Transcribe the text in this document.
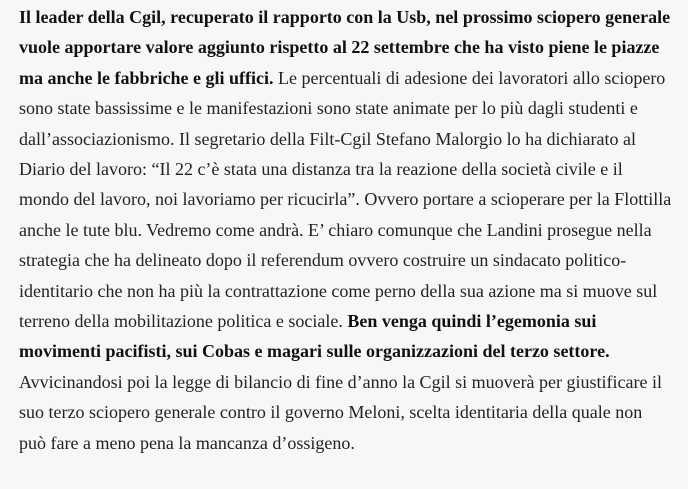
Il leader della Cgil, recuperato il rapporto con la Usb, nel prossimo sciopero generale vuole apportare valore aggiunto rispetto al 22 settembre che ha visto piene le piazze ma anche le fabbriche e gli uffici. Le percentuali di adesione dei lavoratori allo sciopero sono state bassissime e le manifestazioni sono state animate per lo più dagli studenti e dall’associazionismo. Il segretario della Filt-Cgil Stefano Malorgio lo ha dichiarato al Diario del lavoro: “Il 22 c’è stata una distanza tra la reazione della società civile e il mondo del lavoro, noi lavoriamo per ricucirla”. Ovvero portare a scioperare per la Flottilla anche le tute blu. Vedremo come andrà. E’ chiaro comunque che Landini prosegue nella strategia che ha delineato dopo il referendum ovvero costruire un sindacato politico-identitario che non ha più la contrattazione come perno della sua azione ma si muove sul terreno della mobilitazione politica e sociale. Ben venga quindi l’egemonia sui movimenti pacifisti, sui Cobas e magari sulle organizzazioni del terzo settore. Avvicinandosi poi la legge di bilancio di fine d’anno la Cgil si muoverà per giustificare il suo terzo sciopero generale contro il governo Meloni, scelta identitaria della quale non può fare a meno pena la mancanza d’ossigeno.
